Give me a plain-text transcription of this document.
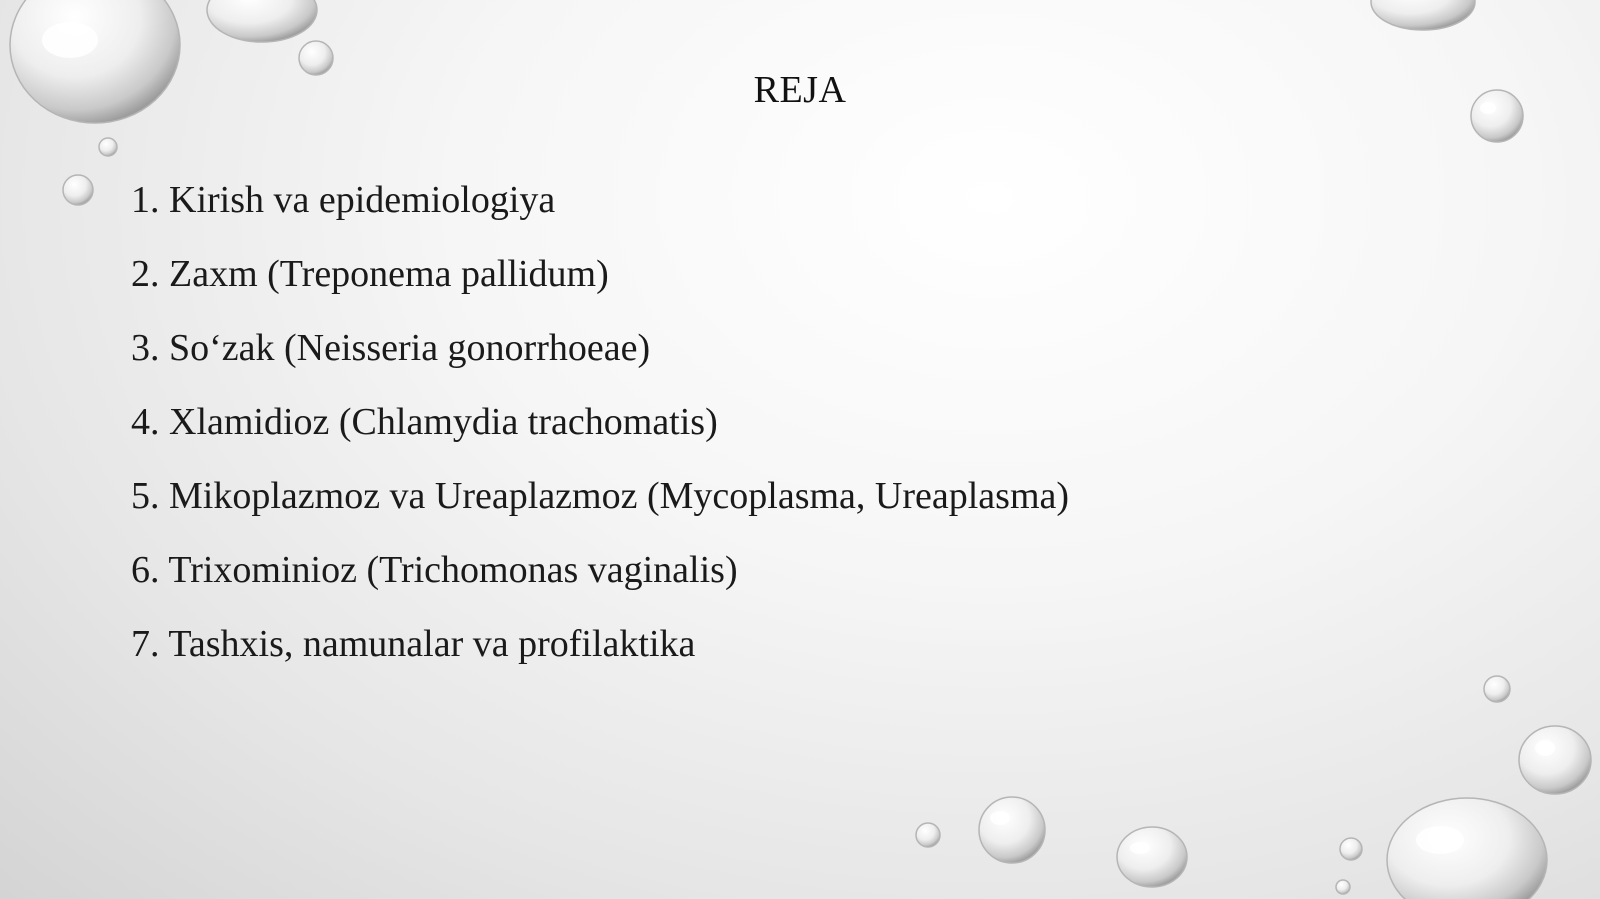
REJA
1. Kirish va epidemiologiya
2. Zaxm (Treponema pallidum)
3. So‘zak (Neisseria gonorrhoeae)
4. Xlamidioz (Chlamydia trachomatis)
5. Mikoplazmoz va Ureaplazmoz (Mycoplasma, Ureaplasma)
6. Trixominioz (Trichomonas vaginalis)
7. Tashxis, namunalar va profilaktika
